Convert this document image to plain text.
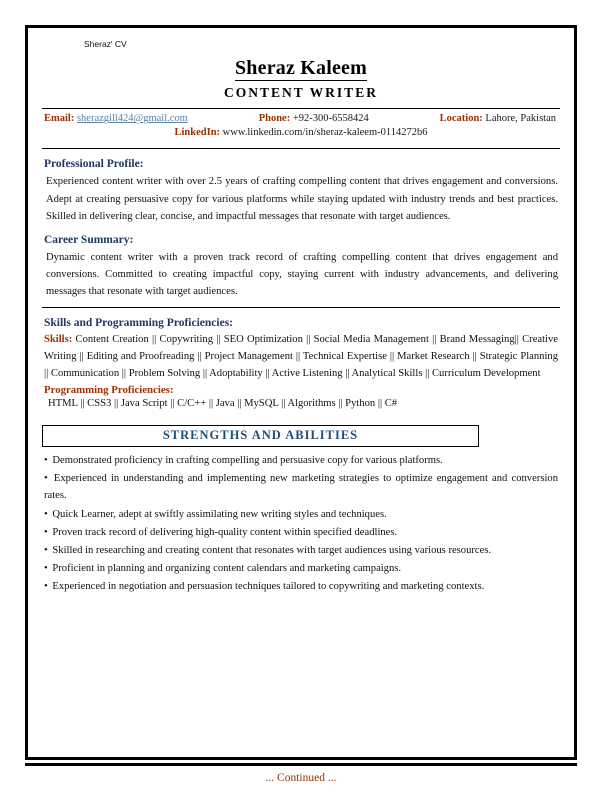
Sheraz' CV
Sheraz Kaleem
CONTENT WRITER
Email: sherazgill424@gmail.com	Phone: +92-300-6558424	Location: Lahore, Pakistan
LinkedIn: www.linkedin.com/in/sheraz-kaleem-0114272b6
Professional Profile:
Experienced content writer with over 2.5 years of crafting compelling content that drives engagement and conversions. Adept at creating persuasive copy for various platforms while staying updated with industry trends and best practices. Skilled in delivering clear, concise, and impactful messages that resonate with target audiences.
Career Summary:
Dynamic content writer with a proven track record of crafting compelling content that drives engagement and conversions. Committed to creating impactful copy, staying current with industry advancements, and delivering messages that resonate with target audiences.
Skills and Programming Proficiencies:
Skills: Content Creation || Copywriting || SEO Optimization || Social Media Management || Brand Messaging|| Creative Writing || Editing and Proofreading || Project Management || Technical Expertise || Market Research || Strategic Planning || Communication || Problem Solving || Adoptability || Active Listening || Analytical Skills || Curriculum Development
Programming Proficiencies:
HTML || CSS3 || Java Script || C/C++ || Java || MySQL || Algorithms || Python || C#
STRENGTHS AND ABILITIES
• Demonstrated proficiency in crafting compelling and persuasive copy for various platforms.
• Experienced in understanding and implementing new marketing strategies to optimize engagement and conversion rates.
• Quick Learner, adept at swiftly assimilating new writing styles and techniques.
• Proven track record of delivering high-quality content within specified deadlines.
• Skilled in researching and creating content that resonates with target audiences using various resources.
• Proficient in planning and organizing content calendars and marketing campaigns.
• Experienced in negotiation and persuasion techniques tailored to copywriting and marketing contexts.
... Continued ...
